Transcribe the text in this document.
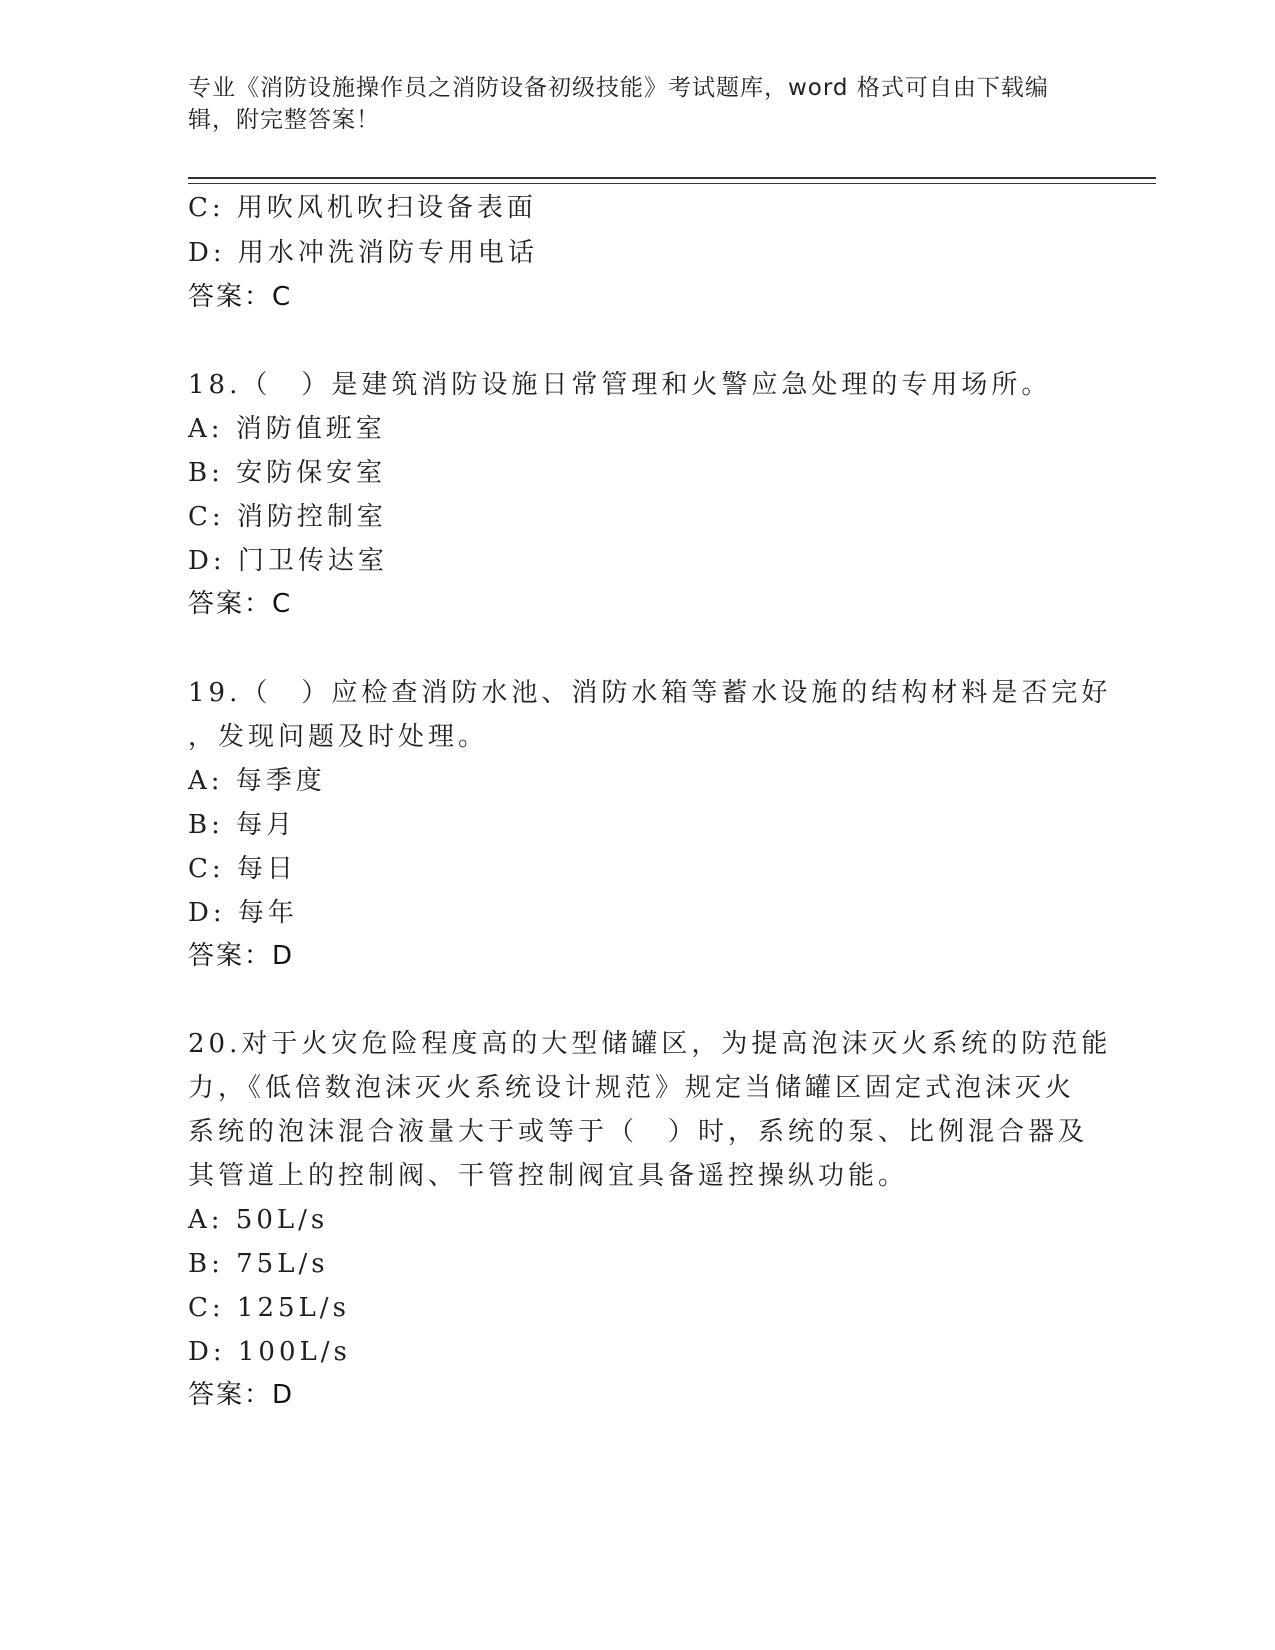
专业《消防设施操作员之消防设备初级技能》考试题库，word 格式可自由下载编辑，附完整答案！
C: 用吹风机吹扫设备表面
D: 用水冲洗消防专用电话
答案：C
18.（　）是建筑消防设施日常管理和火警应急处理的专用场所。
A: 消防值班室
B: 安防保安室
C: 消防控制室
D: 门卫传达室
答案：C
19.（　）应检查消防水池、消防水箱等蓄水设施的结构材料是否完好
，发现问题及时处理。
A: 每季度
B: 每月
C: 每日
D: 每年
答案：D
20.对于火灾危险程度高的大型储罐区，为提高泡沫灭火系统的防范能
力，《低倍数泡沫灭火系统设计规范》规定当储罐区固定式泡沫灭火
系统的泡沫混合液量大于或等于（　）时，系统的泵、比例混合器及
其管道上的控制阀、干管控制阀宜具备遥控操纵功能。
A: 50L/s
B: 75L/s
C: 125L/s
D: 100L/s
答案：D
